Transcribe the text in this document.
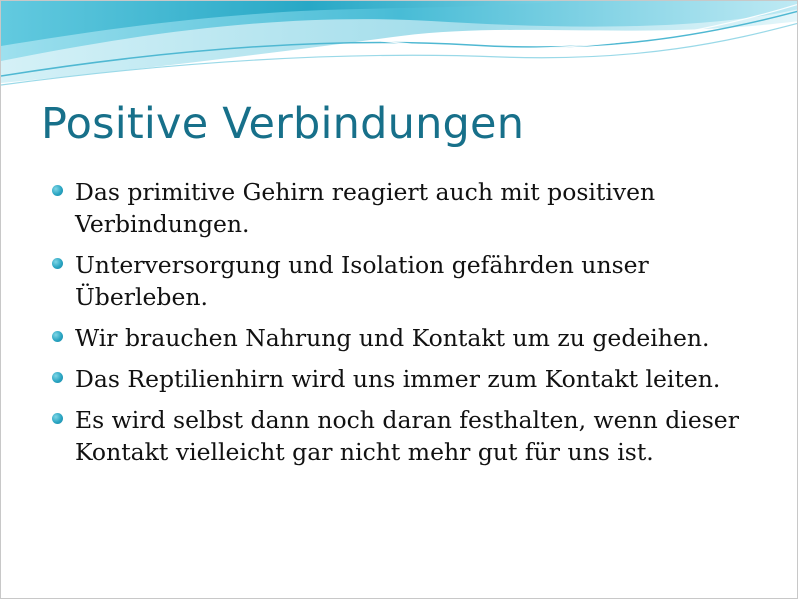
Positive Verbindungen
Das primitive Gehirn reagiert auch mit positiven Verbindungen.
Unterversorgung und Isolation gefährden unser Überleben.
Wir brauchen Nahrung und Kontakt um zu gedeihen.
Das Reptilienhirn wird uns immer zum Kontakt leiten.
Es wird selbst dann noch daran festhalten, wenn dieser Kontakt vielleicht gar nicht mehr gut für uns ist.
